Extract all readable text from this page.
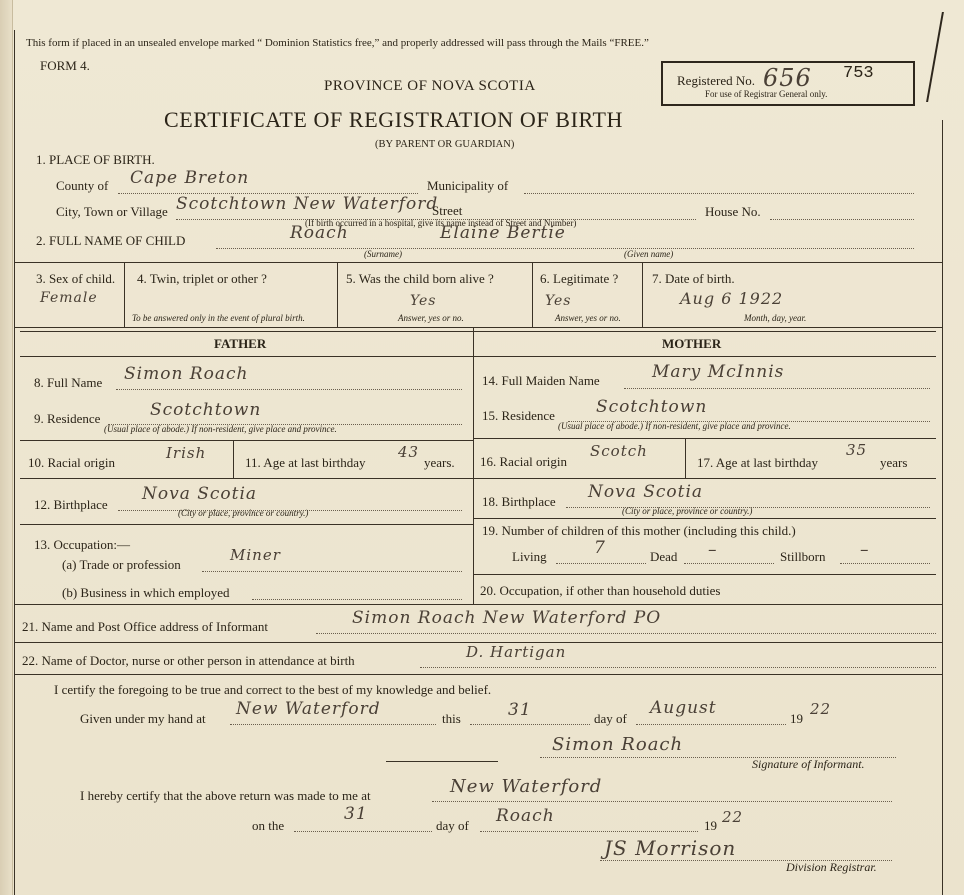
This form if placed in an unsealed envelope marked “ Dominion Statistics free,” and properly addressed will pass through the Mails “FREE.”
FORM 4.
PROVINCE OF NOVA SCOTIA	Registered No. 656 753
For use of Registrar General only.
CERTIFICATE OF REGISTRATION OF BIRTH
(BY PARENT OR GUARDIAN)
1. PLACE OF BIRTH.
County of Cape Breton	Municipality of
City, Town or Village Scotchtown New Waterford
Street	House No.
(If birth occurred in a hospital, give its name instead of Street and Number)
2. FULL NAME OF CHILD	Roach	Elaine Bertie
(Surname)	(Given name)
3. Sex of child.
Female
4. Twin, triplet or other ?
To be answered only in the event of plural birth.
5. Was the child born alive ?
Yes
Answer, yes or no.
6. Legitimate ?
Yes
Answer, yes or no.
7. Date of birth.
Aug 6 1922
Month, day, year.
FATHER	MOTHER
8. Full Name Simon Roach
9. Residence	Scotchtown
(Usual place of abode.) If non-resident, give place and province.
10. Racial origin
Irish
11. Age at last birthday
43
years.
12. Birthplace
Nova Scotia
(City or place, province or country.)
13. Occupation:—
(a) Trade or profession
Miner
(b) Business in which employed
14. Full Maiden Name	Mary McInnis
15. Residence Scotchtown
(Usual place of abode.) If non-resident, give place and province.
16. Racial origin
Scotch
17. Age at last birthday
35
years
18. Birthplace Nova Scotia
(City or place, province or country.)
19. Number of children of this mother (including this child.)
Living	7	Dead –	Stillborn –
20. Occupation, if other than household duties
21. Name and Post Office address of Informant	Simon Roach New Waterford PO
22. Name of Doctor, nurse or other person in attendance at birth	D. Hartigan
I certify the foregoing to be true and correct to the best of my knowledge and belief.
Given under my hand at New Waterford	this	31	day of
August
19
22
Simon Roach
Signature of Informant.
I hereby certify that the above return was made to me at	New Waterford
on the
31
day of Roach	19 22
JS Morrison
Division Registrar.
